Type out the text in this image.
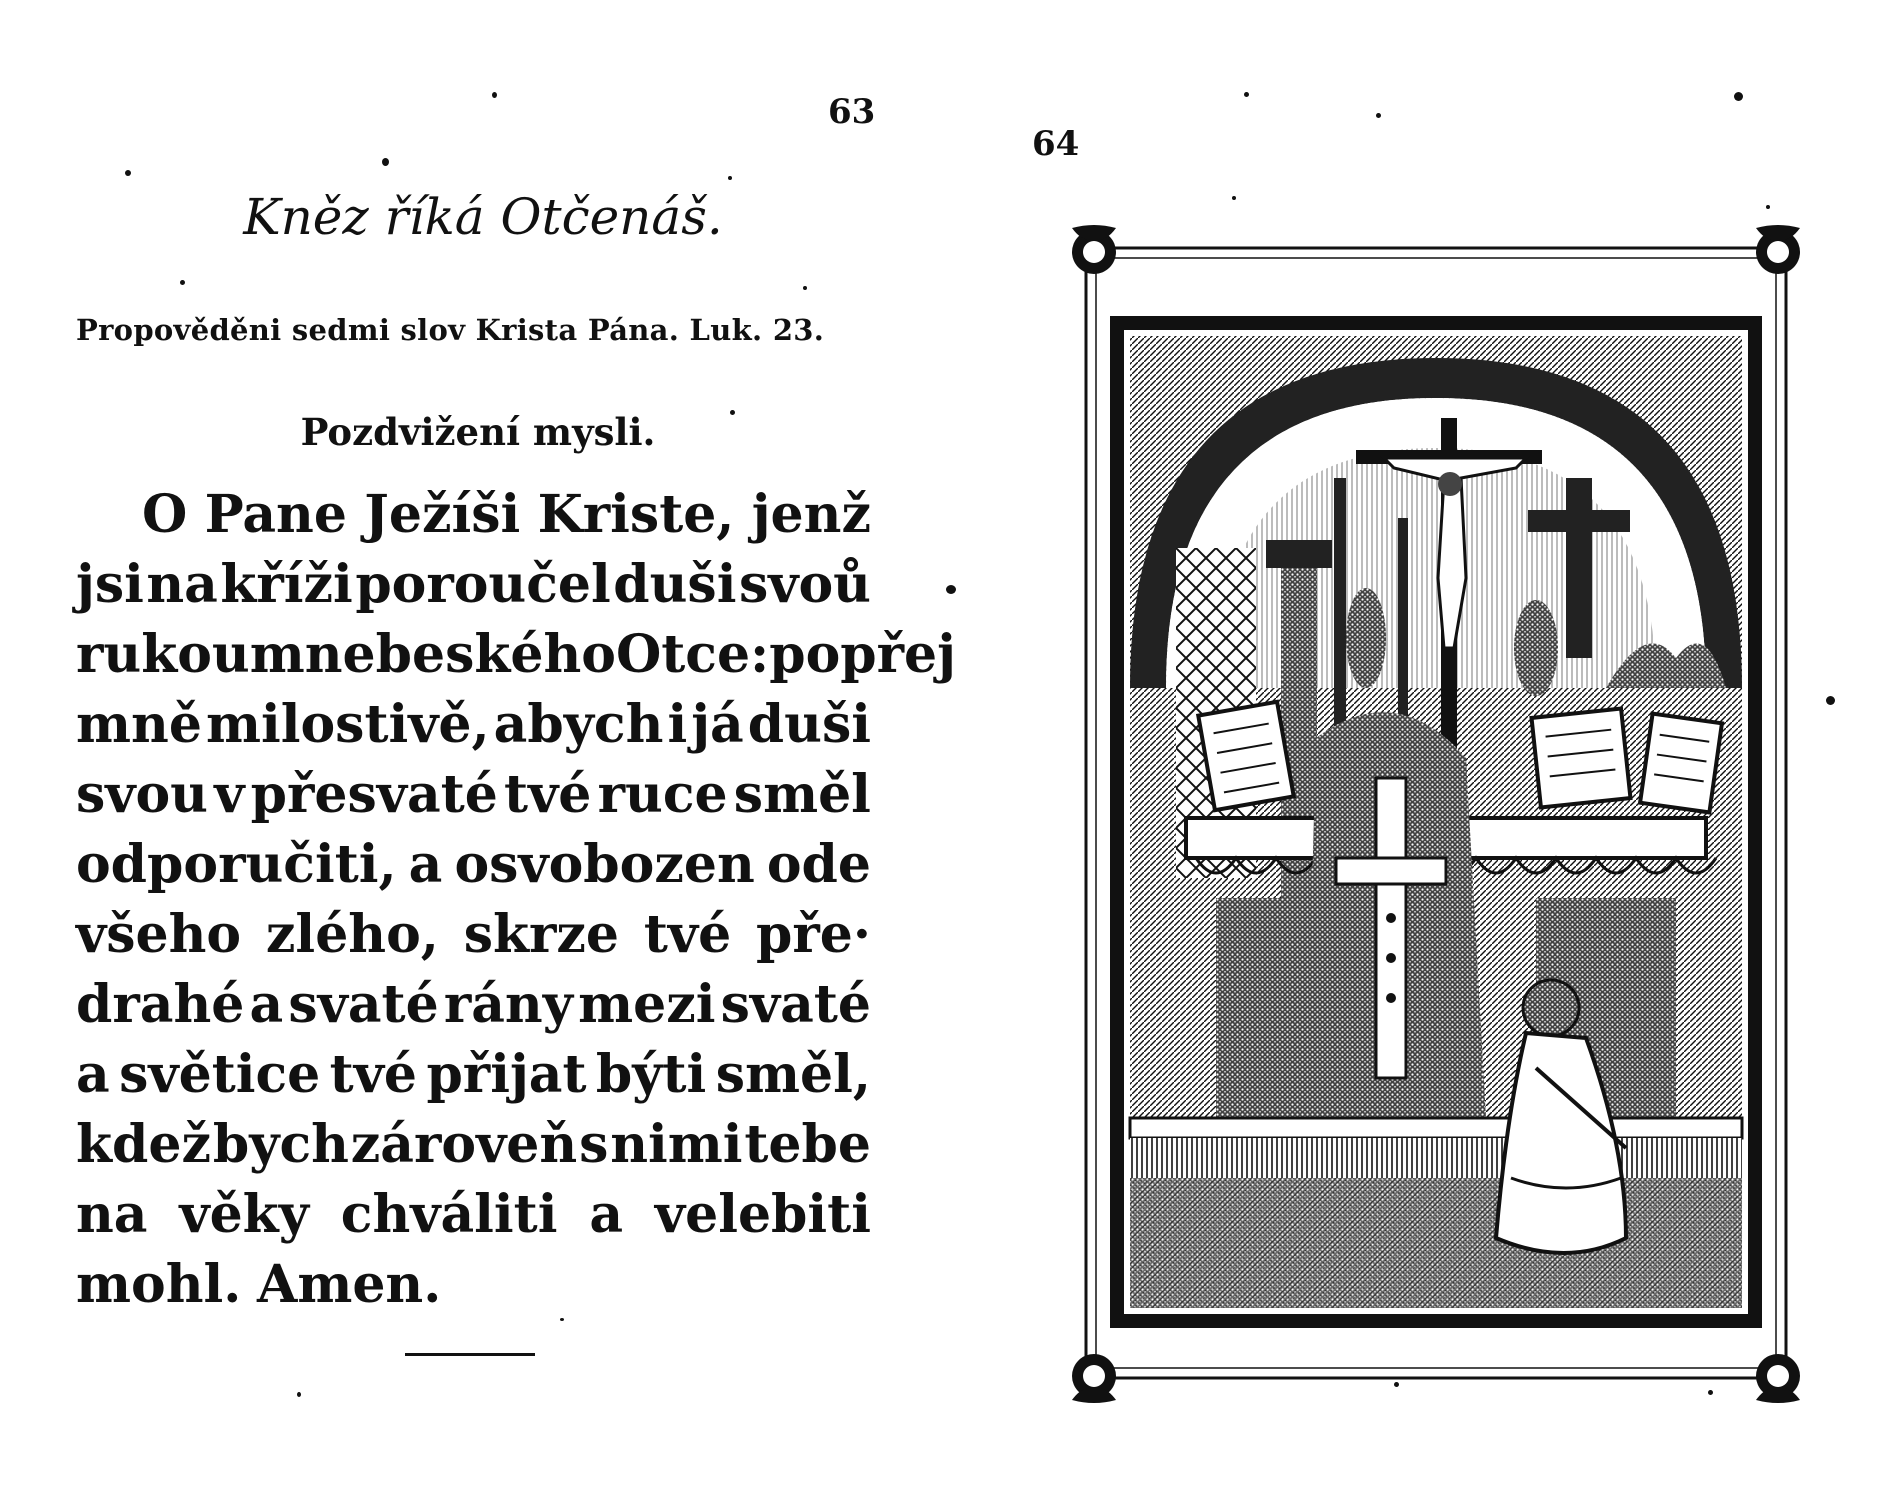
63
Kněz říká Otčenáš.
Propověděni sedmi slov Krista Pána. Luk. 23.
Pozdvižení mysli.
O Pane Ježíši Kriste, jenž
jsi na kříži poroučel duši svoů
rukoum nebeského Otce : popřej
mně milostivě, abych i já duši
svou v přesvaté tvé ruce směl
odporučiti, a osvobozen ode
všeho zlého, skrze tvé pře·
drahé a svaté rány mezi svaté
a světice tvé přijat býti směl,
kdež bych zároveň s nimi tebe
na věky chváliti a velebiti
mohl. Amen.
64
